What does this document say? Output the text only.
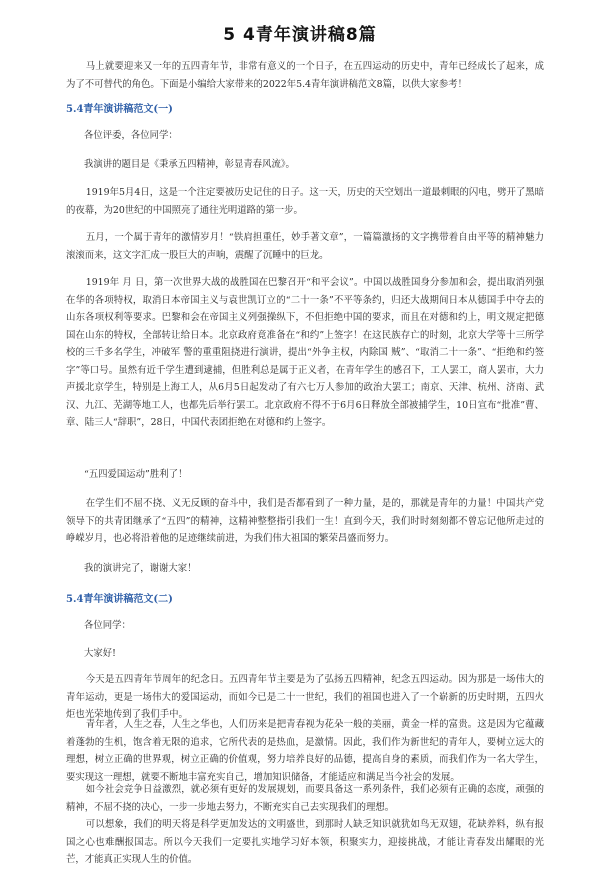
5 4青年演讲稿8篇

马上就要迎来又一年的五四青年节，非常有意义的一个日子，在五四运动的历史中，青年已经成长了起来，成为了不可替代的角色。下面是小编给大家带来的2022年5.4青年演讲稿范文8篇，以供大家参考！

5.4青年演讲稿范文(一)

各位评委，各位同学：

我演讲的题目是《秉承五四精神，彰显青春风流》。

1919年5月4日，这是一个注定要被历史记住的日子。这一天，历史的天空划出一道最刺眼的闪电，劈开了黑暗的夜幕，为20世纪的中国照亮了通往光明道路的第一步。

五月，一个属于青年的激情岁月！“铁肩担重任，妙手著文章”，一篇篇激扬的文字携带着自由平等的精神魅力滚滚而来，这文字汇成一股巨大的声响，震醒了沉睡中的巨龙。

1919年 月 日，第一次世界大战的战胜国在巴黎召开“和平会议”。中国以战胜国身分参加和会，提出取消列强在华的各项特权，取消日本帝国主义与袁世凯订立的“二十一条”不平等条约，归还大战期间日本从德国手中夺去的山东各项权利等要求。巴黎和会在帝国主义列强操纵下，不但拒绝中国的要求，而且在对德和约上，明文规定把德国在山东的特权，全部转让给日本。北京政府竟准备在“和约”上签字！在这民族存亡的时刻，北京大学等十三所学校的三千多名学生，冲破军 警的重重阻挠进行演讲，提出“外争主权，内除国 贼”、“取消二十一条”、“拒绝和约签字”等口号。虽然有近千学生遭到逮捕，但胜利总是属于正义者，在青年学生的感召下，工人罢工，商人罢市，大力声援北京学生，特别是上海工人，从6月5日起发动了有六七万人参加的政治大罢工；南京、天津、杭州、济南、武汉、九江、芜湖等地工人，也都先后举行罢工。北京政府不得不于6月6日释放全部被捕学生，10日宣布“批准”曹、章、陆三人“辞职”，28日，中国代表团拒绝在对德和约上签字。

“五四爱国运动”胜利了！

在学生们不屈不挠、义无反顾的奋斗中，我们是否都看到了一种力量，是的，那就是青年的力量！中国共产党领导下的共青团继承了“五四”的精神，这精神整整指引我们一生！直到今天，我们时时刻刻都不曾忘记他所走过的峥嵘岁月，也必将沿着他的足迹继续前进，为我们伟大祖国的繁荣昌盛而努力。

我的演讲完了，谢谢大家！

5.4青年演讲稿范文(二)

各位同学：

大家好!

今天是五四青年节周年的纪念日。五四青年节主要是为了弘扬五四精神，纪念五四运动。因为那是一场伟大的青年运动，更是一场伟大的爱国运动，而如今已是二十一世纪，我们的祖国也进入了一个崭新的历史时期，五四火炬也光荣地传到了我们手中。

青年者，人生之春，人生之华也，人们历来是把青春视为花朵一般的美丽，黄金一样的富贵。这是因为它蕴藏着蓬勃的生机，饱含着无限的追求，它所代表的是热血，是激情。因此，我们作为新世纪的青年人，要树立远大的理想，树立正确的世界观，树立正确的价值观，努力培养良好的品德，提高自身的素质，而我们作为一名大学生，要实现这一理想，就要不断地丰富充实自己，增加知识储备，才能适应和满足当今社会的发展。

如今社会竞争日益激烈，就必须有更好的发展规划，而要具备这一系列条件，我们必须有正确的态度，顽强的精神，不屈不挠的决心，一步一步地去努力，不断充实自己去实现我们的理想。

可以想象，我们的明天将是科学更加发达的文明盛世，到那时人缺乏知识就犹如鸟无双翅，花缺养料，纵有报国之心也难酬报国志。所以今天我们一定要扎实地学习好本领，积聚实力，迎接挑战，才能让青春发出耀眼的光芒，才能真正实现人生的价值。
